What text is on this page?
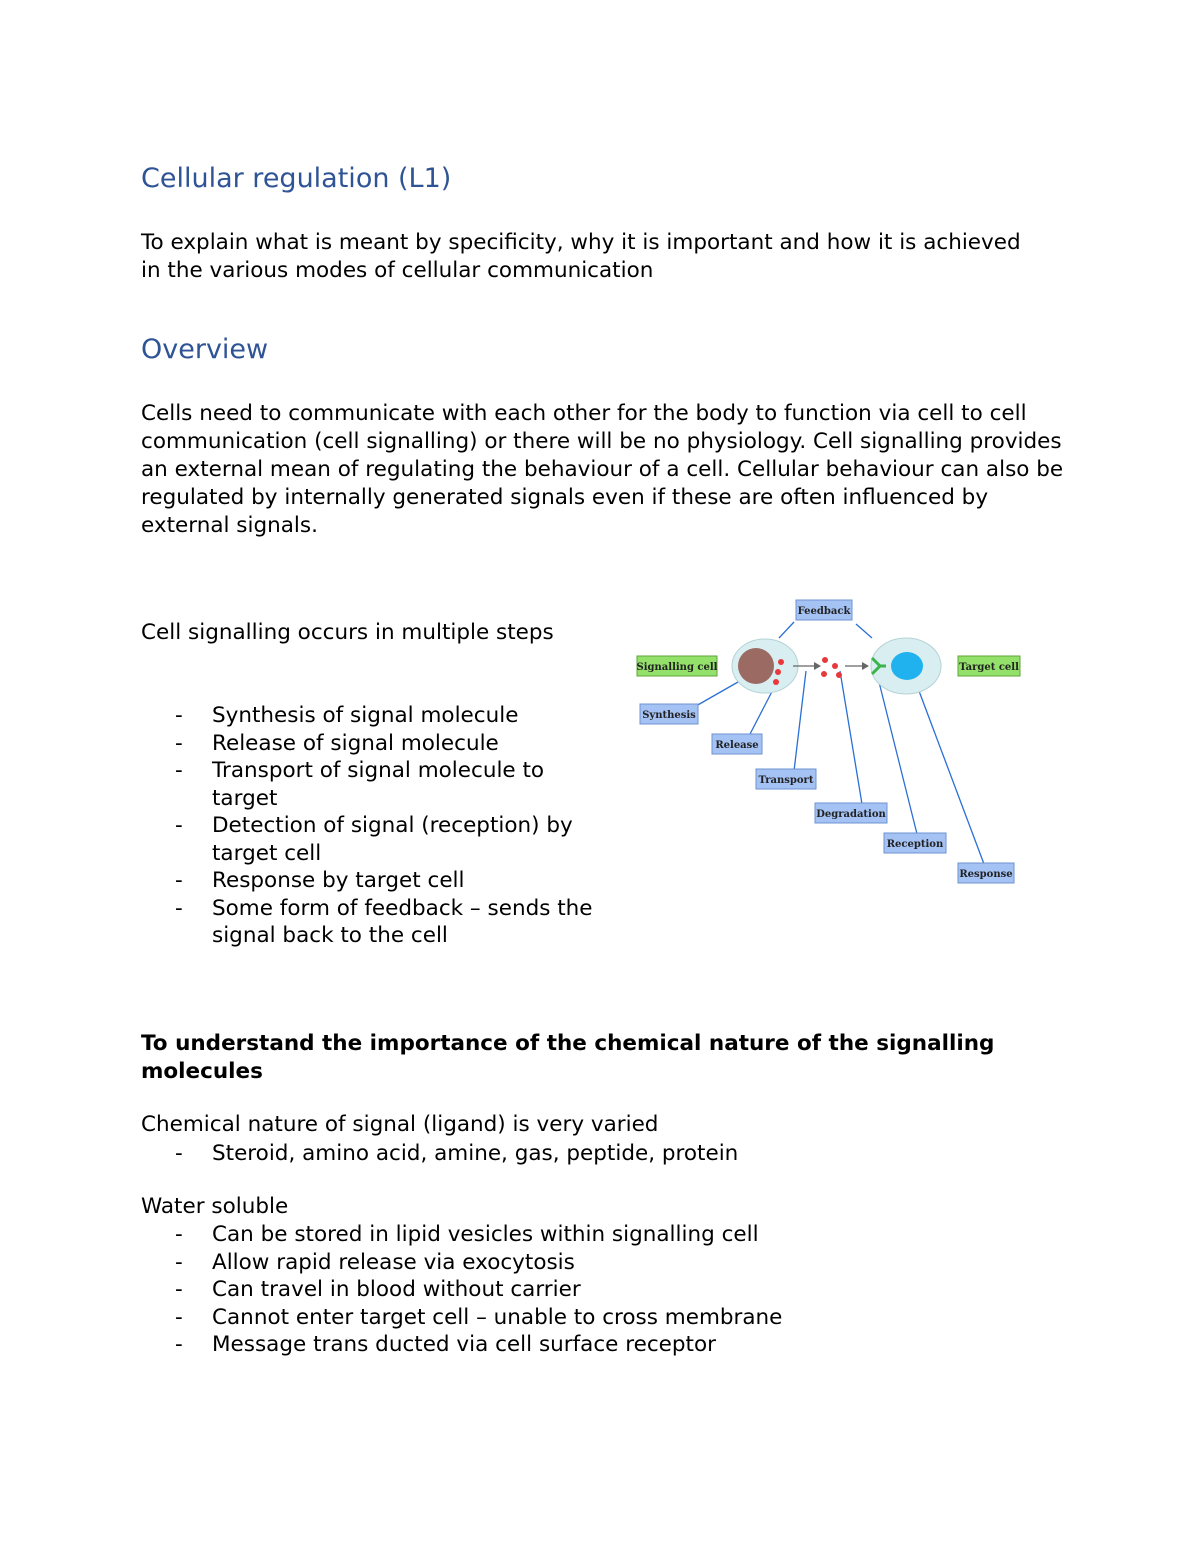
Cellular regulation (L1)

To explain what is meant by specificity, why it is important and how it is achieved in the various modes of cellular communication

Overview

Cells need to communicate with each other for the body to function via cell to cell communication (cell signalling) or there will be no physiology. Cell signalling provides an external mean of regulating the behaviour of a cell. Cellular behaviour can also be regulated by internally generated signals even if these are often influenced by external signals.

Cell signalling occurs in multiple steps

- Synthesis of signal molecule
- Release of signal molecule
- Transport of signal molecule to target
- Detection of signal (reception) by target cell
- Response by target cell
- Some form of feedback – sends the signal back to the cell
Feedback
Signalling cell	Target cell
Synthesis
Release
Transport
Degradation
Reception
Response

To understand the importance of the chemical nature of the signalling molecules

Chemical nature of signal (ligand) is very varied

- Steroid, amino acid, amine, gas, peptide, protein

Water soluble

- Can be stored in lipid vesicles within signalling cell
- Allow rapid release via exocytosis
- Can travel in blood without carrier
- Cannot enter target cell – unable to cross membrane
- Message trans ducted via cell surface receptor
